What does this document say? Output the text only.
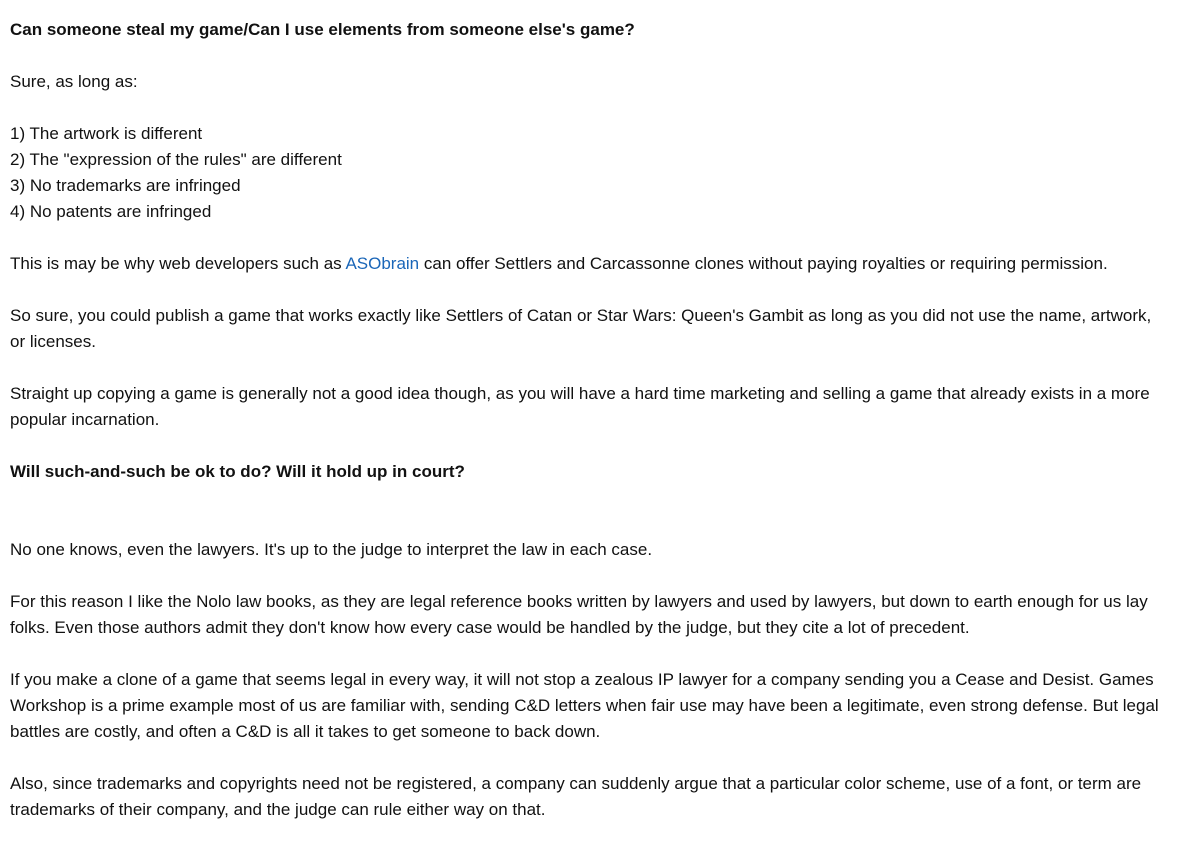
Can someone steal my game/Can I use elements from someone else's game?

Sure, as long as:

1) The artwork is different
2) The "expression of the rules" are different
3) No trademarks are infringed
4) No patents are infringed

This is may be why web developers such as ASObrain can offer Settlers and Carcassonne clones without paying royalties or requiring permission.

So sure, you could publish a game that works exactly like Settlers of Catan or Star Wars: Queen's Gambit as long as you did not use the name, artwork, or licenses.

Straight up copying a game is generally not a good idea though, as you will have a hard time marketing and selling a game that already exists in a more popular incarnation.

Will such-and-such be ok to do? Will it hold up in court?

No one knows, even the lawyers. It's up to the judge to interpret the law in each case.

For this reason I like the Nolo law books, as they are legal reference books written by lawyers and used by lawyers, but down to earth enough for us lay folks. Even those authors admit they don't know how every case would be handled by the judge, but they cite a lot of precedent.

If you make a clone of a game that seems legal in every way, it will not stop a zealous IP lawyer for a company sending you a Cease and Desist. Games Workshop is a prime example most of us are familiar with, sending C&D letters when fair use may have been a legitimate, even strong defense. But legal battles are costly, and often a C&D is all it takes to get someone to back down.

Also, since trademarks and copyrights need not be registered, a company can suddenly argue that a particular color scheme, use of a font, or term are trademarks of their company, and the judge can rule either way on that.
